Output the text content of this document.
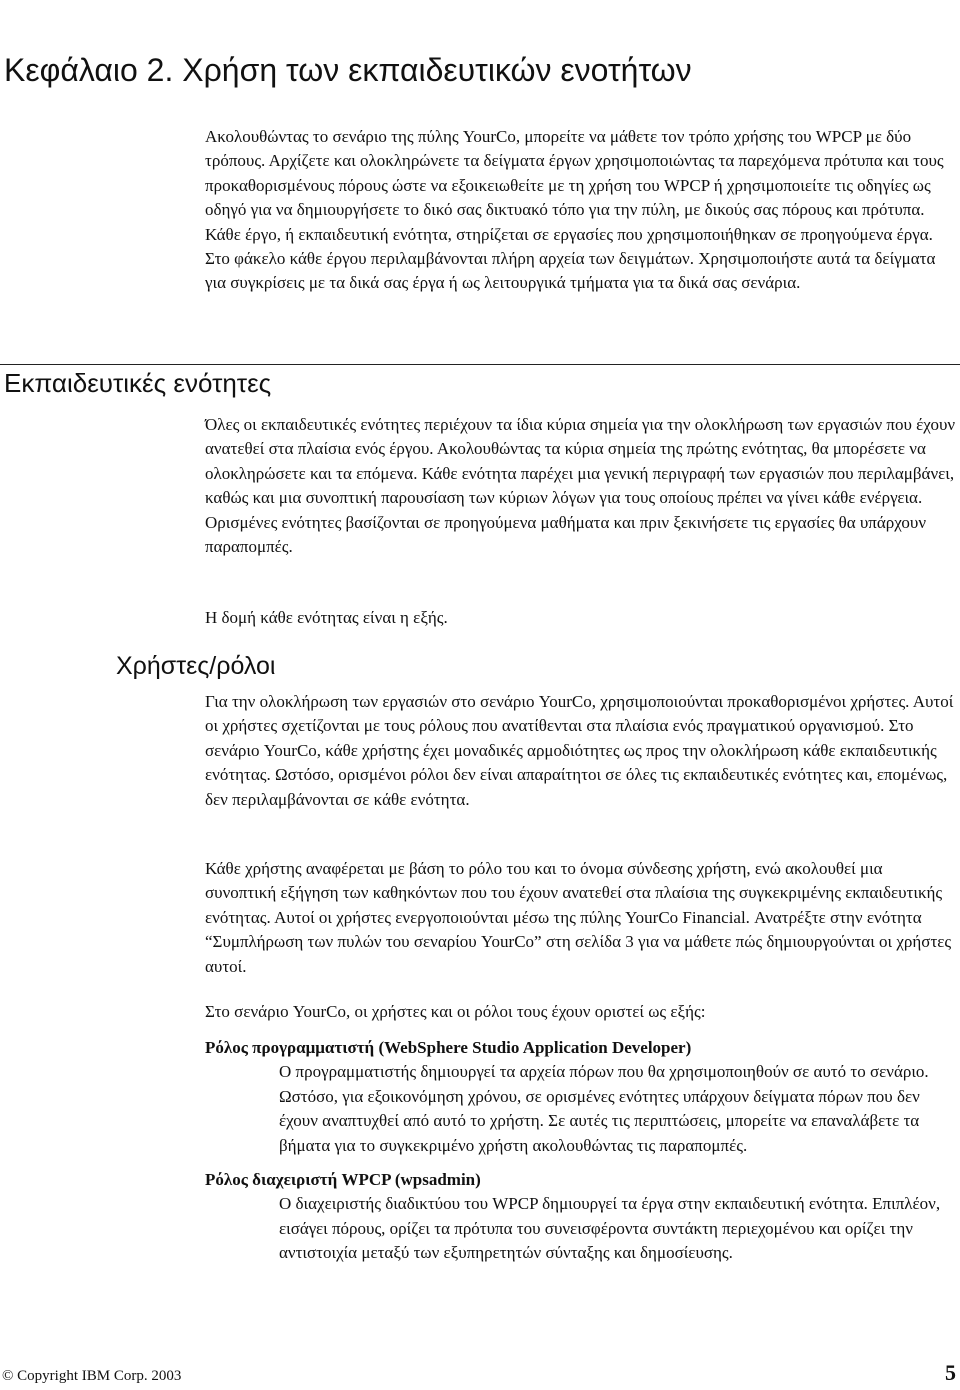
Κεφάλαιο 2. Χρήση των εκπαιδευτικών ενοτήτων

Ακολουθώντας το σενάριο της πύλης YourCo, μπορείτε να μάθετε τον τρόπο χρήσης του WPCP με δύο τρόπους. Αρχίζετε και ολοκληρώνετε τα δείγματα έργων χρησιμοποιώντας τα παρεχόμενα πρότυπα και τους προκαθορισμένους πόρους ώστε να εξοικειωθείτε με τη χρήση του WPCP ή χρησιμοποιείτε τις οδηγίες ως οδηγό για να δημιουργήσετε το δικό σας δικτυακό τόπο για την πύλη, με δικούς σας πόρους και πρότυπα. Κάθε έργο, ή εκπαιδευτική ενότητα, στηρίζεται σε εργασίες που χρησιμοποιήθηκαν σε προηγούμενα έργα. Στο φάκελο κάθε έργου περιλαμβάνονται πλήρη αρχεία των δειγμάτων. Χρησιμοποιήστε αυτά τα δείγματα για συγκρίσεις με τα δικά σας έργα ή ως λειτουργικά τμήματα για τα δικά σας σενάρια.

Εκπαιδευτικές ενότητες

Όλες οι εκπαιδευτικές ενότητες περιέχουν τα ίδια κύρια σημεία για την ολοκλήρωση των εργασιών που έχουν ανατεθεί στα πλαίσια ενός έργου. Ακολουθώντας τα κύρια σημεία της πρώτης ενότητας, θα μπορέσετε να ολοκληρώσετε και τα επόμενα. Κάθε ενότητα παρέχει μια γενική περιγραφή των εργασιών που περιλαμβάνει, καθώς και μια συνοπτική παρουσίαση των κύριων λόγων για τους οποίους πρέπει να γίνει κάθε ενέργεια. Ορισμένες ενότητες βασίζονται σε προηγούμενα μαθήματα και πριν ξεκινήσετε τις εργασίες θα υπάρχουν παραπομπές.

Η δομή κάθε ενότητας είναι η εξής.

Χρήστες/ρόλοι

Για την ολοκλήρωση των εργασιών στο σενάριο YourCo, χρησιμοποιούνται προκαθορισμένοι χρήστες. Αυτοί οι χρήστες σχετίζονται με τους ρόλους που ανατίθενται στα πλαίσια ενός πραγματικού οργανισμού. Στο σενάριο YourCo, κάθε χρήστης έχει μοναδικές αρμοδιότητες ως προς την ολοκλήρωση κάθε εκπαιδευτικής ενότητας. Ωστόσο, ορισμένοι ρόλοι δεν είναι απαραίτητοι σε όλες τις εκπαιδευτικές ενότητες και, επομένως, δεν περιλαμβάνονται σε κάθε ενότητα.

Κάθε χρήστης αναφέρεται με βάση το ρόλο του και το όνομα σύνδεσης χρήστη, ενώ ακολουθεί μια συνοπτική εξήγηση των καθηκόντων που του έχουν ανατεθεί στα πλαίσια της συγκεκριμένης εκπαιδευτικής ενότητας. Αυτοί οι χρήστες ενεργοποιούνται μέσω της πύλης YourCo Financial. Ανατρέξτε στην ενότητα “Συμπλήρωση των πυλών του σεναρίου YourCo” στη σελίδα 3 για να μάθετε πώς δημιουργούνται οι χρήστες αυτοί.

Στο σενάριο YourCo, οι χρήστες και οι ρόλοι τους έχουν οριστεί ως εξής:

Ρόλος προγραμματιστή (WebSphere Studio Application Developer)
Ο προγραμματιστής δημιουργεί τα αρχεία πόρων που θα χρησιμοποιηθούν σε αυτό το σενάριο. Ωστόσο, για εξοικονόμηση χρόνου, σε ορισμένες ενότητες υπάρχουν δείγματα πόρων που δεν έχουν αναπτυχθεί από αυτό το χρήστη. Σε αυτές τις περιπτώσεις, μπορείτε να επαναλάβετε τα βήματα για το συγκεκριμένο χρήστη ακολουθώντας τις παραπομπές.
Ρόλος διαχειριστή WPCP (wpsadmin)
Ο διαχειριστής διαδικτύου του WPCP δημιουργεί τα έργα στην εκπαιδευτική ενότητα. Επιπλέον, εισάγει πόρους, ορίζει τα πρότυπα του συνεισφέροντα συντάκτη περιεχομένου και ορίζει την αντιστοιχία μεταξύ των εξυπηρετητών σύνταξης και δημοσίευσης.
© Copyright IBM Corp. 2003	5
